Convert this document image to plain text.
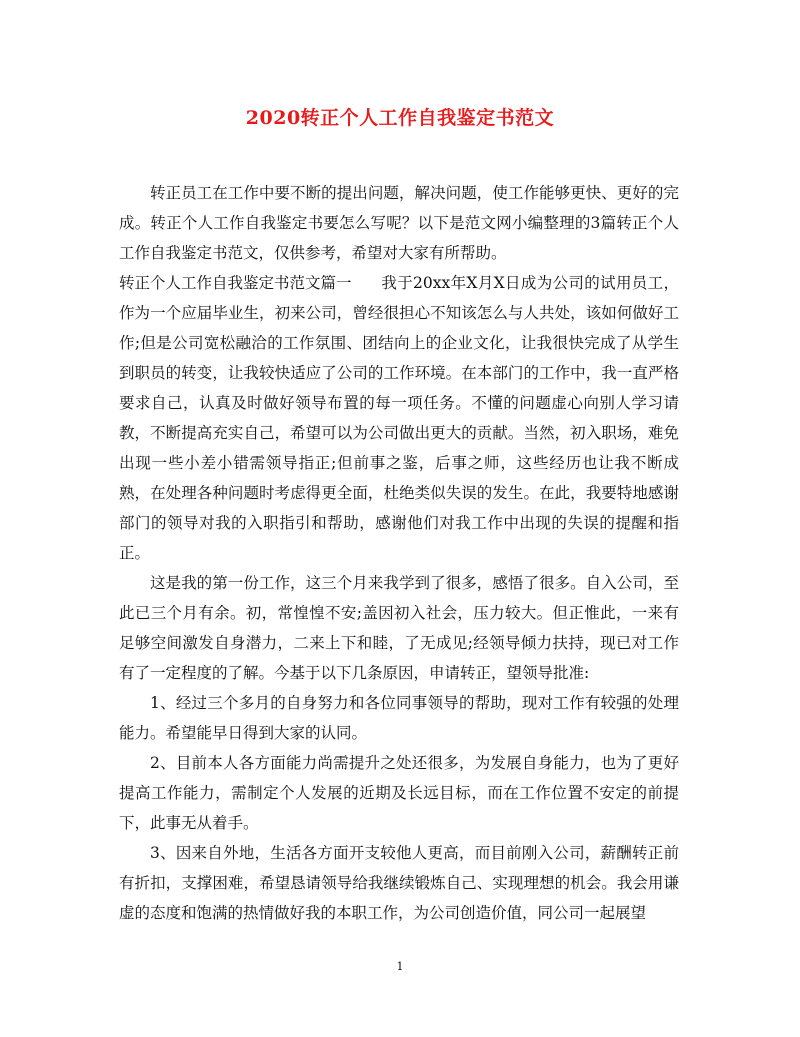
2020转正个人工作自我鉴定书范文

转正员工在工作中要不断的提出问题，解决问题，使工作能够更快、更好的完成。转正个人工作自我鉴定书要怎么写呢？以下是范文网小编整理的3篇转正个人工作自我鉴定书范文，仅供参考，希望对大家有所帮助。

转正个人工作自我鉴定书范文篇一 我于20xx年X月X日成为公司的试用员工，作为一个应届毕业生，初来公司，曾经很担心不知该怎么与人共处，该如何做好工作;但是公司宽松融洽的工作氛围、团结向上的企业文化，让我很快完成了从学生到职员的转变，让我较快适应了公司的工作环境。在本部门的工作中，我一直严格要求自己，认真及时做好领导布置的每一项任务。不懂的问题虚心向别人学习请教，不断提高充实自己，希望可以为公司做出更大的贡献。当然，初入职场，难免出现一些小差小错需领导指正;但前事之鉴，后事之师，这些经历也让我不断成熟，在处理各种问题时考虑得更全面，杜绝类似失误的发生。在此，我要特地感谢部门的领导对我的入职指引和帮助，感谢他们对我工作中出现的失误的提醒和指正。

这是我的第一份工作，这三个月来我学到了很多，感悟了很多。自入公司，至此已三个月有余。初，常惶惶不安;盖因初入社会，压力较大。但正惟此，一来有足够空间激发自身潜力，二来上下和睦，了无成见;经领导倾力扶持，现已对工作有了一定程度的了解。今基于以下几条原因，申请转正，望领导批准:

1、经过三个多月的自身努力和各位同事领导的帮助，现对工作有较强的处理能力。希望能早日得到大家的认同。

2、目前本人各方面能力尚需提升之处还很多，为发展自身能力，也为了更好提高工作能力，需制定个人发展的近期及长远目标，而在工作位置不安定的前提下，此事无从着手。

3、因来自外地，生活各方面开支较他人更高，而目前刚入公司，薪酬转正前有折扣，支撑困难，希望恳请领导给我继续锻炼自己、实现理想的机会。我会用谦虚的态度和饱满的热情做好我的本职工作，为公司创造价值，同公司一起展望

1
